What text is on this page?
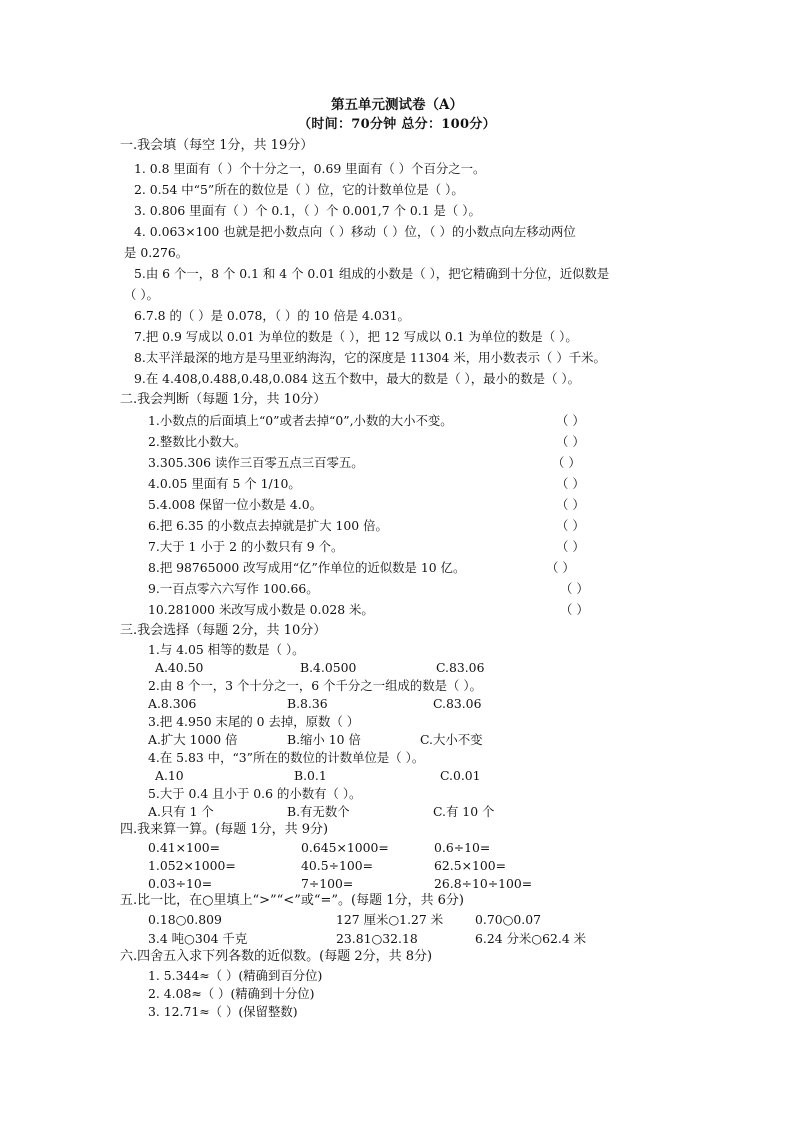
第五单元测试卷（A）
（时间：70分钟 总分：100分）
一.我会填（每空 1分，共 19分）
1. 0.8 里面有（ ）个十分之一，0.69 里面有（ ）个百分之一。
2. 0.54 中“5”所在的数位是（ ）位，它的计数单位是（ ）。
3. 0.806 里面有（ ）个 0.1，（ ）个 0.001,7 个 0.1 是（ ）。
4. 0.063×100 也就是把小数点向（ ）移动（ ）位，（ ）的小数点向左移动两位
是 0.276。
5.由 6 个一，8 个 0.1 和 4 个 0.01 组成的小数是（ ），把它精确到十分位，近似数是
（ ）。
6.7.8 的（ ）是 0.078，（ ）的 10 倍是 4.031。
7.把 0.9 写成以 0.01 为单位的数是（ ），把 12 写成以 0.1 为单位的数是（ ）。
8.太平洋最深的地方是马里亚纳海沟，它的深度是 11304 米，用小数表示（ ）千米。
9.在 4.408,0.488,0.48,0.084 这五个数中，最大的数是（ ），最小的数是（ ）。
二.我会判断（每题 1分，共 10分）
1.小数点的后面填上“0”或者去掉“0”,小数的大小不变。	（ ）
2.整数比小数大。	（ ）
3.305.306 读作三百零五点三百零五。	（ ）
4.0.05 里面有 5 个 1/10。	（ ）
5.4.008 保留一位小数是 4.0。	（ ）
6.把 6.35 的小数点去掉就是扩大 100 倍。	（ ）
7.大于 1 小于 2 的小数只有 9 个。	（ ）
8.把 98765000 改写成用“亿”作单位的近似数是 10 亿。	（ ）
9.一百点零六六写作 100.66。	（ ）
10.281000 米改写成小数是 0.028 米。	（ ）
三.我会选择（每题 2分，共 10分）
1.与 4.05 相等的数是（ ）。
A.40.50	B.4.0500	C.83.06
2.由 8 个一，3 个十分之一，6 个千分之一组成的数是（ ）。
A.8.306	B.8.36	C.83.06
3.把 4.950 末尾的 0 去掉，原数（ ）
A.扩大 1000 倍	B.缩小 10 倍	C.大小不变
4.在 5.83 中，“3”所在的数位的计数单位是（ ）。
A.10	B.0.1	C.0.01
5.大于 0.4 且小于 0.6 的小数有（ ）。
A.只有 1 个	B.有无数个	C.有 10 个
四.我来算一算。(每题 1分，共 9分)
0.41×100=	0.645×1000=	0.6÷10=
1.052×1000=	40.5÷100=	62.5×100=
0.03÷10=	7÷100=	26.8÷10÷100=
五.比一比，在○里填上“>”“<”或“=”。(每题 1分，共 6分)
0.18○0.809	127 厘米○1.27 米	0.70○0.07
3.4 吨○304 千克	23.81○32.18	6.24 分米○62.4 米
六.四舍五入求下列各数的近似数。(每题 2分，共 8分)
1. 5.344≈（ ）(精确到百分位)
2. 4.08≈（ ）(精确到十分位)
3. 12.71≈（ ）(保留整数)
